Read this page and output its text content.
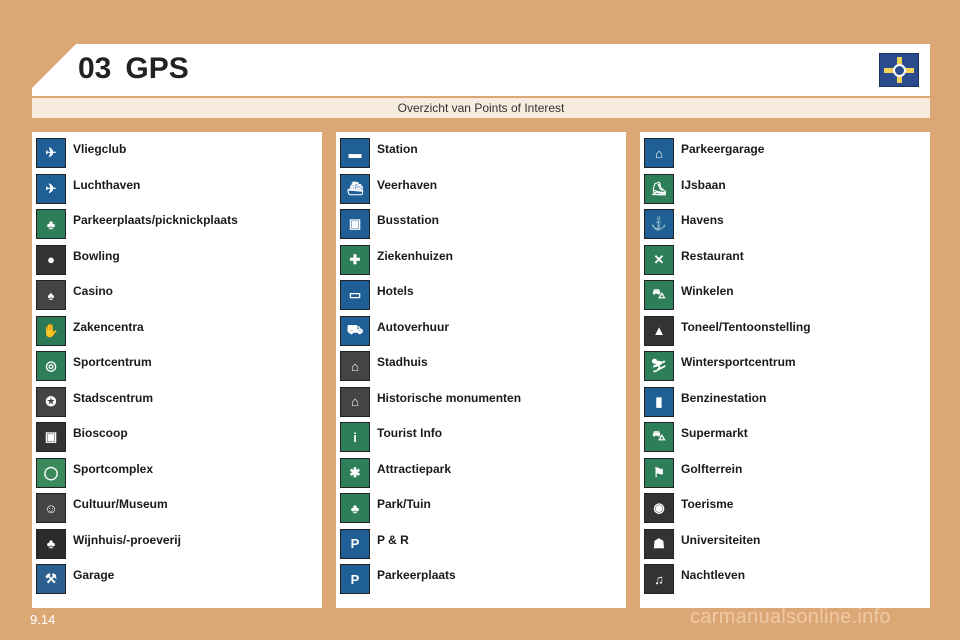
03 GPS
Overzicht van Points of Interest
✈ Vliegclub
✈ Luchthaven
♣	Parkeerplaats/picknickplaats
●	Bowling
♠	Casino
✋ Zakencentra
◎ Sportcentrum
✪ Stadscentrum
▣ Bioscoop
◯ Sportcomplex
☺ Cultuur/Museum
♣	Wijnhuis/-proeverij
⚒ Garage
▬ Station
⛴ Veerhaven
▣ Busstation
✚ Ziekenhuizen
▭ Hotels
⛟ Autoverhuur
⌂	Stadhuis
⌂	Historische monumenten
i	Tourist Info
✱ Attractiepark
♣	Park/Tuin
P	P & R
P	Parkeerplaats
⌂	Parkeergarage
⛸ IJsbaan
⚓ Havens
✕ Restaurant
⛍ Winkelen
▲ Toneel/Tentoonstelling
⛷ Wintersportcentrum
▮	Benzinestation
⛍ Supermarkt
⚑ Golfterrein
◉ Toerisme
☗ Universiteiten
♫	Nachtleven
9.14	carmanualsonline.info
